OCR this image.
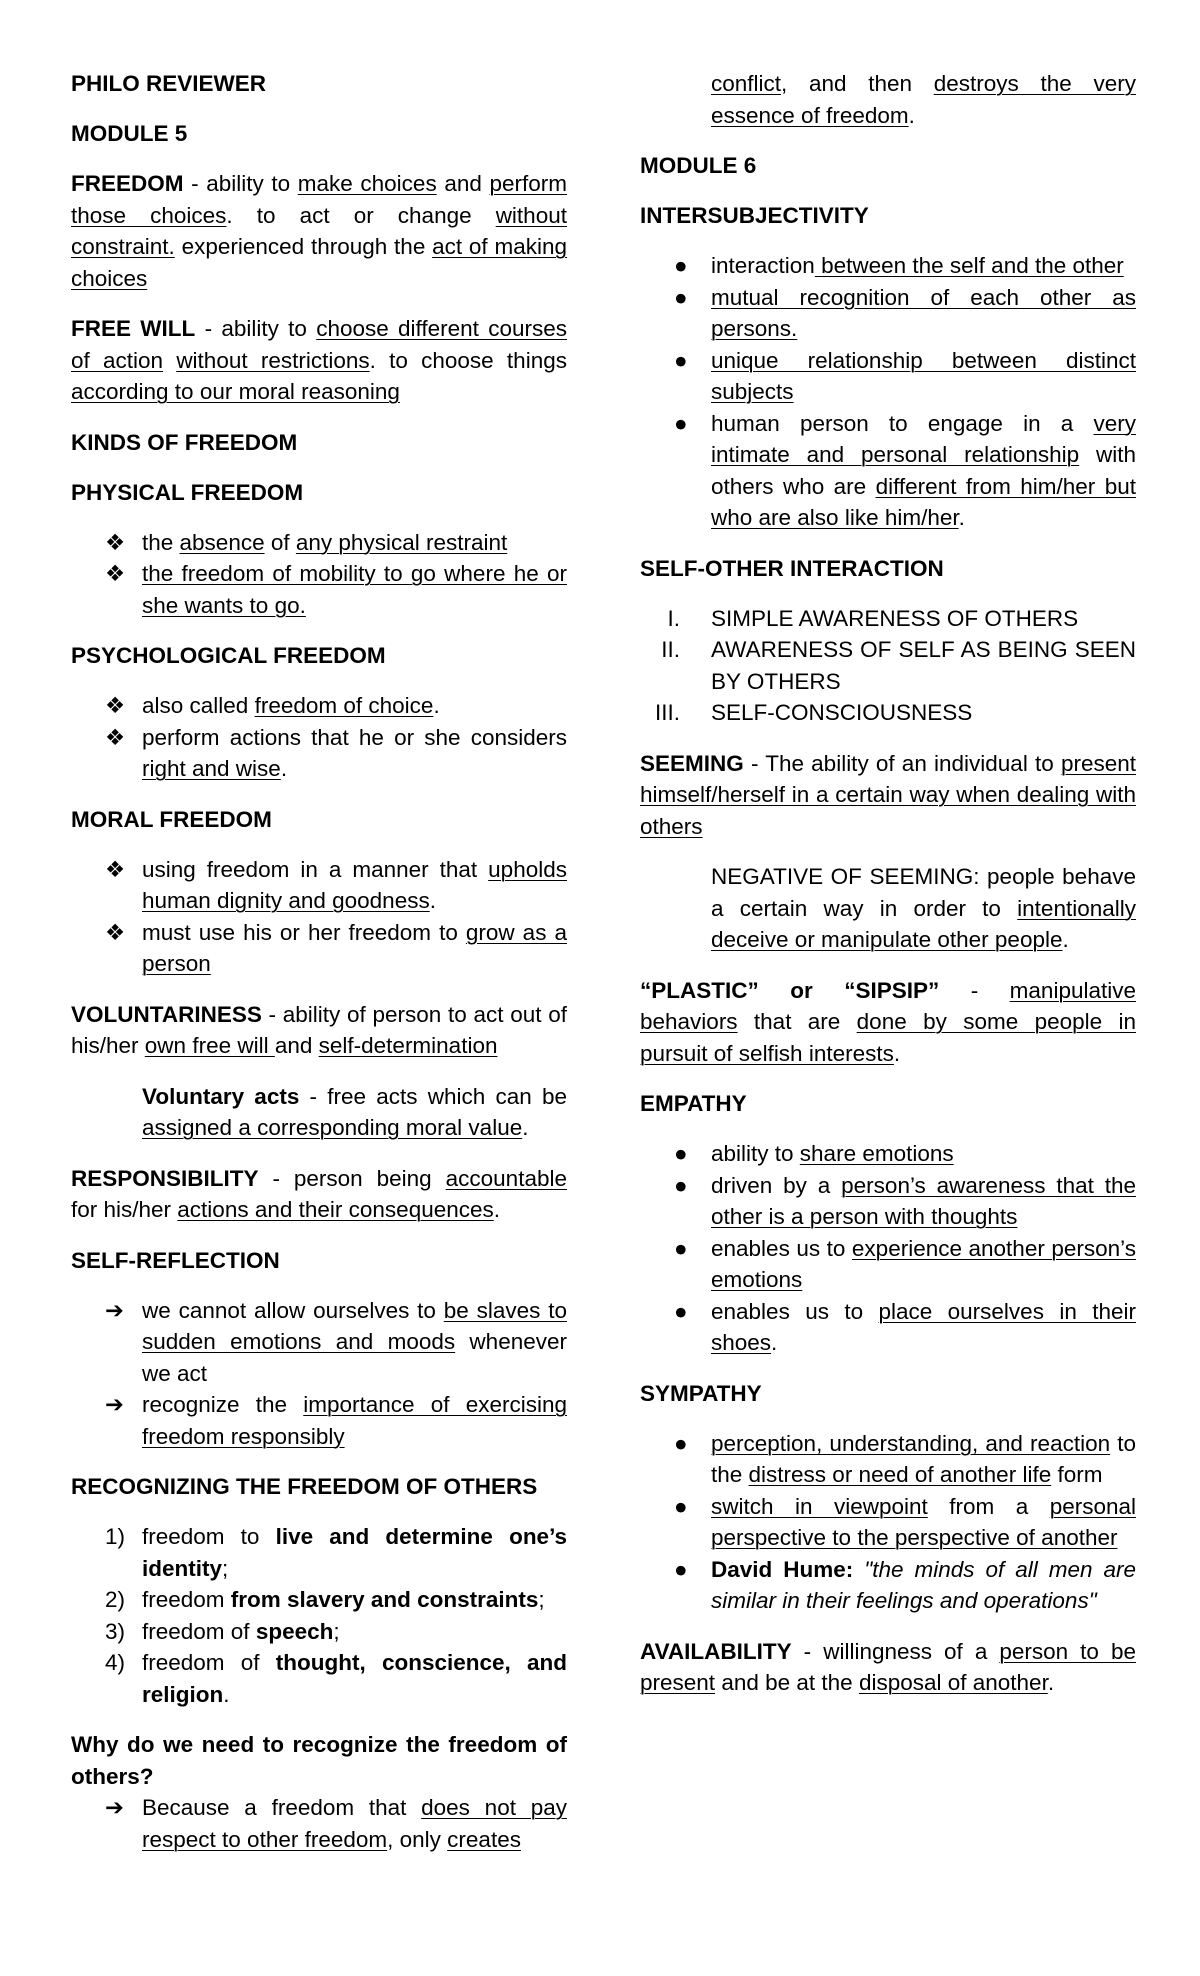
PHILO REVIEWER

MODULE 5

FREEDOM - ability to make choices and perform those choices. to act or change without constraint. experienced through the act of making choices

FREE WILL - ability to choose different courses of action without restrictions. to choose things according to our moral reasoning

KINDS OF FREEDOM

PHYSICAL FREEDOM

❖ the absence of any physical restraint
❖ the freedom of mobility to go where he or she wants to go.

PSYCHOLOGICAL FREEDOM

❖ also called freedom of choice.
❖ perform actions that he or she considers right and wise.

MORAL FREEDOM

❖ using freedom in a manner that upholds human dignity and goodness.
❖ must use his or her freedom to grow as a person

VOLUNTARINESS - ability of person to act out of his/her own free will and self-determination

Voluntary acts - free acts which can be assigned a corresponding moral value.

RESPONSIBILITY - person being accountable for his/her actions and their consequences.

SELF-REFLECTION

➔ we cannot allow ourselves to be slaves to sudden emotions and moods whenever we act
➔ recognize the importance of exercising freedom responsibly

RECOGNIZING THE FREEDOM OF OTHERS

1) freedom to live and determine one’s identity;
2) freedom from slavery and constraints;
3) freedom of speech;
4) freedom of thought, conscience, and religion.

Why do we need to recognize the freedom of others?

➔ Because a freedom that does not pay respect to other freedom, only creates
conflict, and then destroys the very essence of freedom.

MODULE 6

INTERSUBJECTIVITY

●	interaction between the self and the other
●	mutual recognition of each other as persons.
●	unique relationship between distinct subjects
●	human person to engage in a very intimate and personal relationship with others who are different from him/her but who are also like him/her.

SELF-OTHER INTERACTION

I. SIMPLE AWARENESS OF OTHERS
II. AWARENESS OF SELF AS BEING SEEN BY OTHERS
III. SELF-CONSCIOUSNESS

SEEMING - The ability of an individual to present himself/herself in a certain way when dealing with others

NEGATIVE OF SEEMING: people behave a certain way in order to intentionally deceive or manipulate other people.

“PLASTIC” or “SIPSIP” - manipulative behaviors that are done by some people in pursuit of selfish interests.

EMPATHY

●	ability to share emotions
●	driven by a person’s awareness that the other is a person with thoughts
●	enables us to experience another person’s emotions
●	enables us to place ourselves in their shoes.

SYMPATHY

●	perception, understanding, and reaction to the distress or need of another life form
●	switch in viewpoint from a personal perspective to the perspective of another
●	David Hume: "the minds of all men are similar in their feelings and operations"

AVAILABILITY - willingness of a person to be present and be at the disposal of another.
